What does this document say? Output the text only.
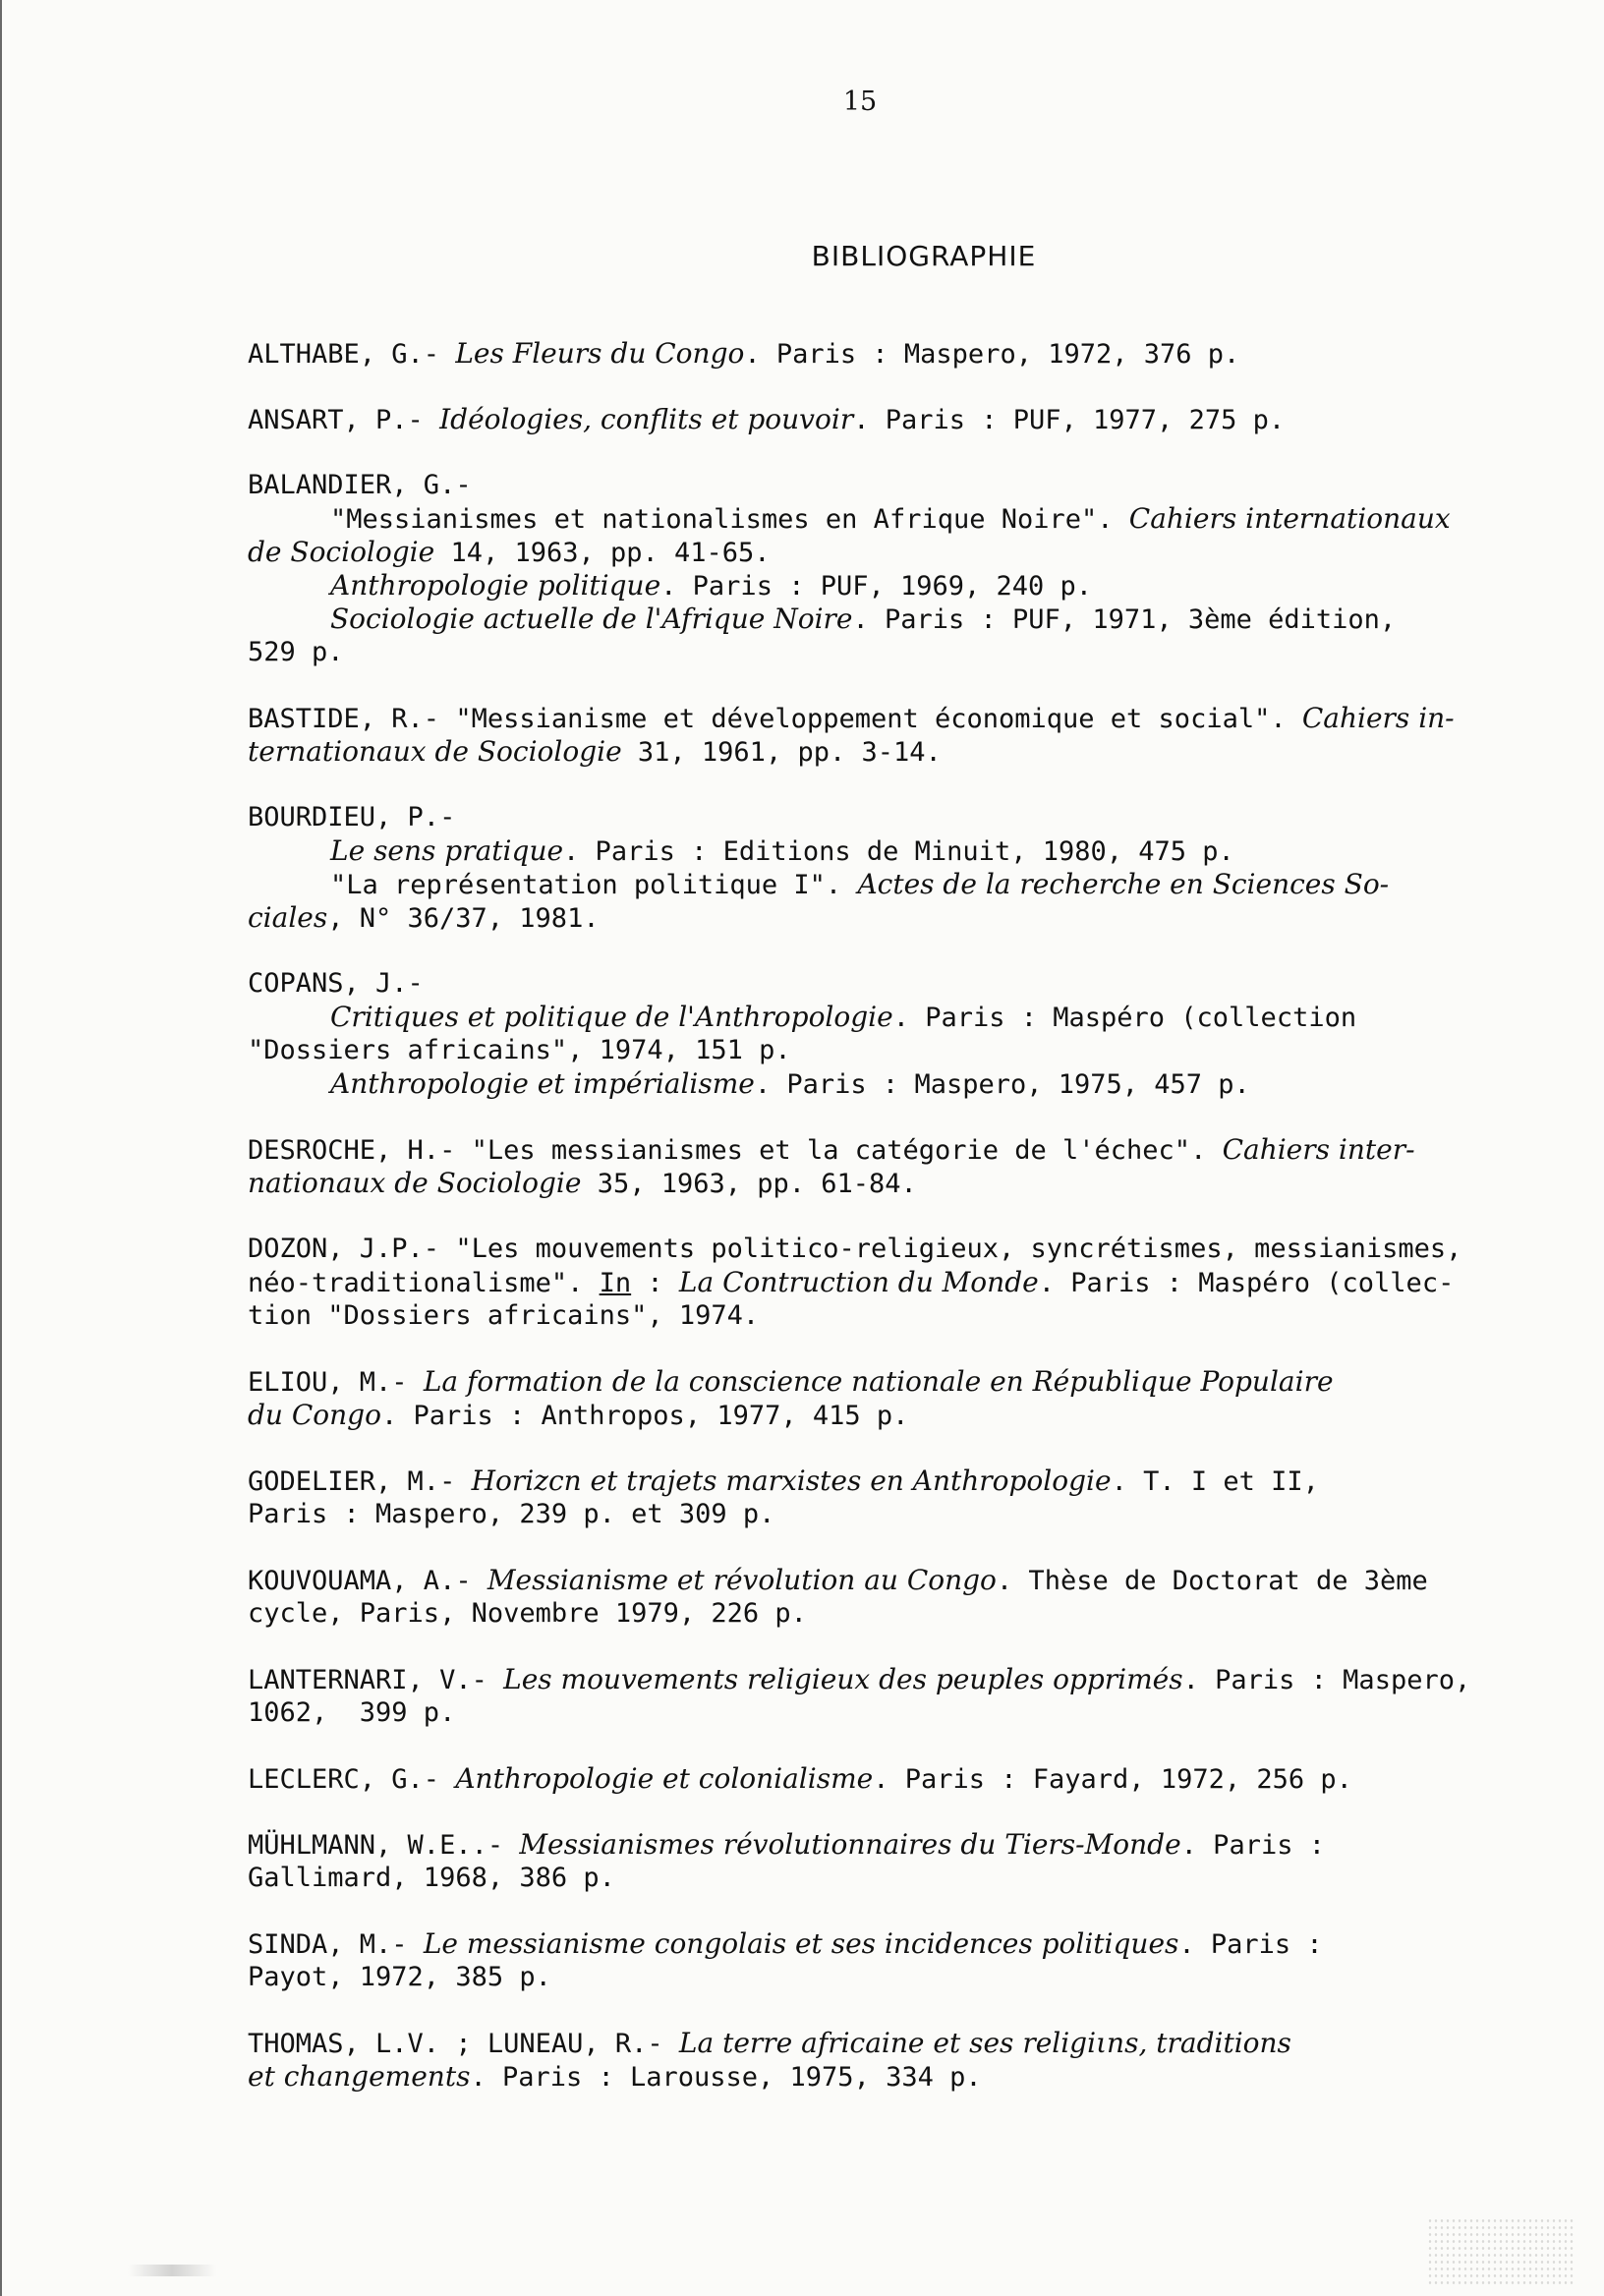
15
BIBLIOGRAPHIE
ALTHABE, G.- Les Fleurs du Congo. Paris : Maspero, 1972, 376 p.
ANSART, P.- Idéologies, conflits et pouvoir. Paris : PUF, 1977, 275 p.
BALANDIER, G.-
"Messianismes et nationalismes en Afrique Noire". Cahiers internationaux
de Sociologie 14, 1963, pp. 41-65.
Anthropologie politique. Paris : PUF, 1969, 240 p.
Sociologie actuelle de l'Afrique Noire. Paris : PUF, 1971, 3ème édition,
529 p.
BASTIDE, R.- "Messianisme et développement économique et social". Cahiers in-
ternationaux de Sociologie 31, 1961, pp. 3-14.
BOURDIEU, P.-
Le sens pratique. Paris : Editions de Minuit, 1980, 475 p.
"La représentation politique I". Actes de la recherche en Sciences So-
ciales, N° 36/37, 1981.
COPANS, J.-
Critiques et politique de l'Anthropologie. Paris : Maspéro (collection
"Dossiers africains", 1974, 151 p.
Anthropologie et impérialisme. Paris : Maspero, 1975, 457 p.
DESROCHE, H.- "Les messianismes et la catégorie de l'échec". Cahiers inter-
nationaux de Sociologie 35, 1963, pp. 61-84.
DOZON, J.P.- "Les mouvements politico-religieux, syncrétismes, messianismes,
néo-traditionalisme". In : La Contruction du Monde. Paris : Maspéro (collec-
tion "Dossiers africains", 1974.
ELIOU, M.- La formation de la conscience nationale en République Populaire
du Congo. Paris : Anthropos, 1977, 415 p.
GODELIER, M.- Horizcn et trajets marxistes en Anthropologie. T. I et II,
Paris : Maspero, 239 p. et 309 p.
KOUVOUAMA, A.- Messianisme et révolution au Congo. Thèse de Doctorat de 3ème
cycle, Paris, Novembre 1979, 226 p.
LANTERNARI, V.- Les mouvements religieux des peuples opprimés. Paris : Maspero,
1062,  399 p.
LECLERC, G.- Anthropologie et colonialisme. Paris : Fayard, 1972, 256 p.
MÜHLMANN, W.E..- Messianismes révolutionnaires du Tiers-Monde. Paris :
Gallimard, 1968, 386 p.
SINDA, M.- Le messianisme congolais et ses incidences politiques. Paris :
Payot, 1972, 385 p.
THOMAS, L.V. ; LUNEAU, R.- La terre africaine et ses religiιns, traditions
et changements. Paris : Larousse, 1975, 334 p.
